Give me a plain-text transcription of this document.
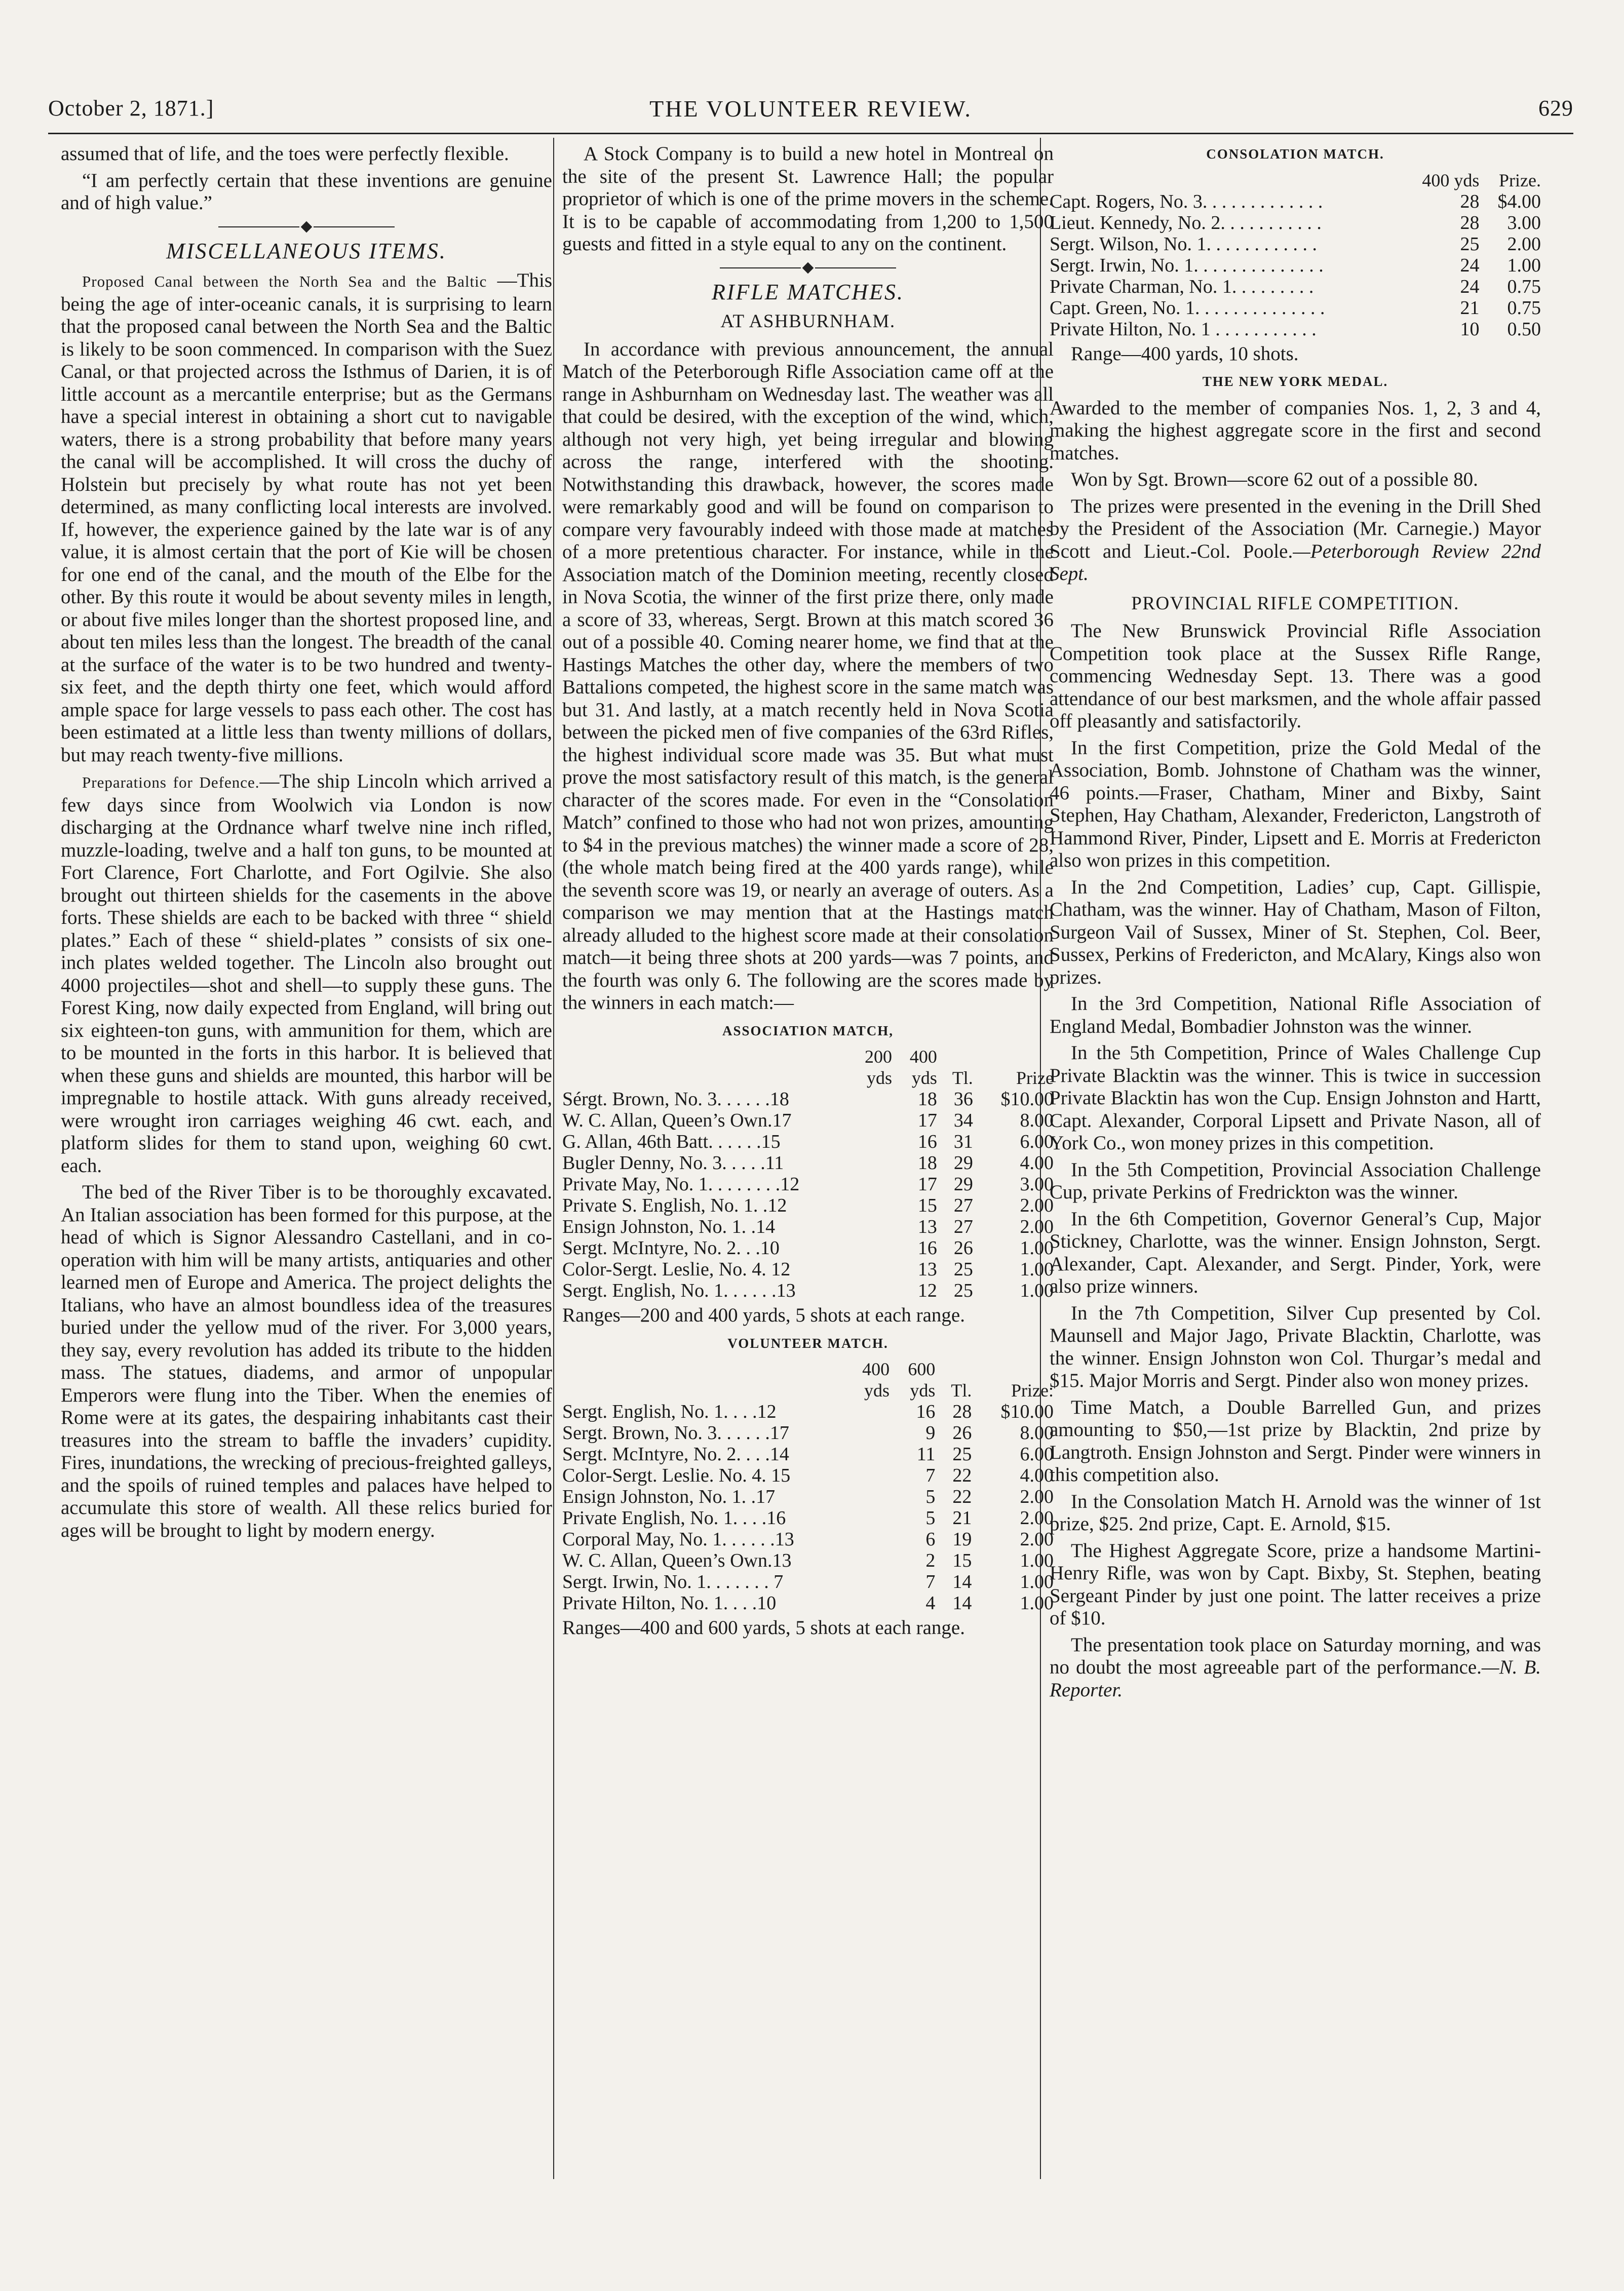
October 2, 1871.]	THE VOLUNTEER REVIEW.	629

assumed that of life, and the toes were perfectly flexible.

“I am perfectly certain that these inventions are genuine and of high value.”

MISCELLANEOUS ITEMS.

Proposed Canal between the North Sea and the Baltic —This being the age of inter-oceanic canals, it is surprising to learn that the proposed canal between the North Sea and the Baltic is likely to be soon commenced. In comparison with the Suez Canal, or that projected across the Isthmus of Darien, it is of little account as a mercantile enterprise; but as the Germans have a special interest in obtaining a short cut to navigable waters, there is a strong probability that before many years the canal will be accomplished. It will cross the duchy of Holstein but precisely by what route has not yet been determined, as many conflicting local interests are involved. If, however, the experience gained by the late war is of any value, it is almost certain that the port of Kie will be chosen for one end of the canal, and the mouth of the Elbe for the other. By this route it would be about seventy miles in length, or about five miles longer than the shortest proposed line, and about ten miles less than the longest. The breadth of the canal at the surface of the water is to be two hundred and twenty-six feet, and the depth thirty one feet, which would afford ample space for large vessels to pass each other. The cost has been estimated at a little less than twenty millions of dollars, but may reach twenty-five millions.

Preparations for Defence.—The ship Lincoln which arrived a few days since from Woolwich via London is now discharging at the Ordnance wharf twelve nine inch rifled, muzzle-loading, twelve and a half ton guns, to be mounted at Fort Clarence, Fort Charlotte, and Fort Ogilvie. She also brought out thirteen shields for the casements in the above forts. These shields are each to be backed with three “ shield plates.” Each of these “ shield-plates ” consists of six one-inch plates welded together. The Lincoln also brought out 4000 projectiles—shot and shell—to supply these guns. The Forest King, now daily expected from England, will bring out six eighteen-ton guns, with ammunition for them, which are to be mounted in the forts in this harbor. It is believed that when these guns and shields are mounted, this harbor will be impregnable to hostile attack. With guns already received, were wrought iron carriages weighing 46 cwt. each, and platform slides for them to stand upon, weighing 60 cwt. each.

The bed of the River Tiber is to be thoroughly excavated. An Italian association has been formed for this purpose, at the head of which is Signor Alessandro Castellani, and in co-operation with him will be many artists, antiquaries and other learned men of Europe and America. The project delights the Italians, who have an almost boundless idea of the treasures buried under the yellow mud of the river. For 3,000 years, they say, every revolution has added its tribute to the hidden mass. The statues, diadems, and armor of unpopular Emperors were flung into the Tiber. When the enemies of Rome were at its gates, the despairing inhabitants cast their treasures into the stream to baffle the invaders’ cupidity. Fires, inundations, the wrecking of precious-freighted galleys, and the spoils of ruined temples and palaces have helped to accumulate this store of wealth. All these relics buried for ages will be brought to light by modern energy.

A Stock Company is to build a new hotel in Montreal on the site of the present St. Lawrence Hall; the popular proprietor of which is one of the prime movers in the scheme. It is to be capable of accommodating from 1,200 to 1,500 guests and fitted in a style equal to any on the continent.

RIFLE MATCHES.
AT ASHBURNHAM.

In accordance with previous announcement, the annual Match of the Peterborough Rifle Association came off at the range in Ashburnham on Wednesday last. The weather was all that could be desired, with the exception of the wind, which, although not very high, yet being irregular and blowing across the range, interfered with the shooting. Notwithstanding this drawback, however, the scores made were remarkably good and will be found on comparison to compare very favourably indeed with those made at matches of a more pretentious character. For instance, while in the Association match of the Dominion meeting, recently closed in Nova Scotia, the winner of the first prize there, only made a score of 33, whereas, Sergt. Brown at this match scored 36 out of a possible 40. Coming nearer home, we find that at the Hastings Matches the other day, where the members of two Battalions competed, the highest score in the same match was but 31. And lastly, at a match recently held in Nova Scotia between the picked men of five companies of the 63rd Rifles, the highest individual score made was 35. But what must prove the most satisfactory result of this match, is the general character of the scores made. For even in the “Consolation Match” confined to those who had not won prizes, amounting to $4 in the previous matches) the winner made a score of 28, (the whole match being fired at the 400 yards range), while the seventh score was 19, or nearly an average of outers. As a comparison we may mention that at the Hastings match already alluded to the highest score made at their consolation match—it being three shots at 200 yards—was 7 points, and the fourth was only 6. The following are the scores made by the winners in each match:—

ASSOCIATION MATCH,
	200	400		
	yds	yds	Tl.	Prize
Sérgt. Brown, No. 3. . . . . .18	18	36	$10.00
W. C. Allan, Queen’s Own.17	17	34	8.00
G. Allan, 46th Batt. . . . . .15	16	31	6.00
Bugler Denny, No. 3. . . . .11	18	29	4.00
Private May, No. 1. . . . . . . .12	17	29	3.00
Private S. English, No. 1. .12	15	27	2.00
Ensign Johnston, No. 1. .14	13	27	2.00
Sergt. McIntyre, No. 2. . .10	16	26	1.00
Color-Sergt. Leslie, No. 4. 12	13	25	1.00
Sergt. English, No. 1. . . . . .13	12	25	1.00

Ranges—200 and 400 yards, 5 shots at each range.

VOLUNTEER MATCH.
	400	600		
	yds	yds	Tl.	Prize:
Sergt. English, No. 1. . . .12	16	28	$10.00
Sergt. Brown, No. 3. . . . . .17	9	26	8.00
Sergt. McIntyre, No. 2. . . .14	11	25	6.00
Color-Sergt. Leslie. No. 4. 15	7	22	4.00
Ensign Johnston, No. 1. .17	5	22	2.00
Private English, No. 1. . . .16	5	21	2.00
Corporal May, No. 1. . . . . .13	6	19	2.00
W. C. Allan, Queen’s Own.13	2	15	1.00
Sergt. Irwin, No. 1. . . . . . . 7	7	14	1.00
Private Hilton, No. 1. . . .10	4	14	1.00

Ranges—400 and 600 yards, 5 shots at each range.

CONSOLATION MATCH.
	400 yds	Prize.
Capt. Rogers, No. 3. . . . . . . . . . . . .	28	$4.00
Lieut. Kennedy, No. 2. . . . . . . . . . .	28	3.00
Sergt. Wilson, No. 1. . . . . . . . . . . .	25	2.00
Sergt. Irwin, No. 1. . . . . . . . . . . . . .	24	1.00
Private Charman, No. 1. . . . . . . . .	24	0.75
Capt. Green, No. 1. . . . . . . . . . . . . .	21	0.75
Private Hilton, No. 1 . . . . . . . . . . .	10	0.50

Range—400 yards, 10 shots.

THE NEW YORK MEDAL.

Awarded to the member of companies Nos. 1, 2, 3 and 4, making the highest aggregate score in the first and second matches.

Won by Sgt. Brown—score 62 out of a possible 80.

The prizes were presented in the evening in the Drill Shed by the President of the Association (Mr. Carnegie.) Mayor Scott and Lieut.-Col. Poole.—Peterborough Review 22nd Sept.

PROVINCIAL RIFLE COMPETITION.

The New Brunswick Provincial Rifle Association Competition took place at the Sussex Rifle Range, commencing Wednesday Sept. 13. There was a good attendance of our best marksmen, and the whole affair passed off pleasantly and satisfactorily.

In the first Competition, prize the Gold Medal of the Association, Bomb. Johnstone of Chatham was the winner, 46 points.—Fraser, Chatham, Miner and Bixby, Saint Stephen, Hay Chatham, Alexander, Fredericton, Langstroth of Hammond River, Pinder, Lipsett and E. Morris at Fredericton also won prizes in this competition.

In the 2nd Competition, Ladies’ cup, Capt. Gillispie, Chatham, was the winner. Hay of Chatham, Mason of Filton, Surgeon Vail of Sussex, Miner of St. Stephen, Col. Beer, Sussex, Perkins of Fredericton, and McAlary, Kings also won prizes.

In the 3rd Competition, National Rifle Association of England Medal, Bombadier Johnston was the winner.

In the 5th Competition, Prince of Wales Challenge Cup Private Blacktin was the winner. This is twice in succession Private Blacktin has won the Cup. Ensign Johnston and Hartt, Capt. Alexander, Corporal Lipsett and Private Nason, all of York Co., won money prizes in this competition.

In the 5th Competition, Provincial Association Challenge Cup, private Perkins of Fredrickton was the winner.

In the 6th Competition, Governor General’s Cup, Major Stickney, Charlotte, was the winner. Ensign Johnston, Sergt. Alexander, Capt. Alexander, and Sergt. Pinder, York, were also prize winners.

In the 7th Competition, Silver Cup presented by Col. Maunsell and Major Jago, Private Blacktin, Charlotte, was the winner. Ensign Johnston won Col. Thurgar’s medal and $15. Major Morris and Sergt. Pinder also won money prizes.

Time Match, a Double Barrelled Gun, and prizes amounting to $50,—1st prize by Blacktin, 2nd prize by Langtroth. Ensign Johnston and Sergt. Pinder were winners in this competition also.

In the Consolation Match H. Arnold was the winner of 1st prize, $25. 2nd prize, Capt. E. Arnold, $15.

The Highest Aggregate Score, prize a handsome Martini-Henry Rifle, was won by Capt. Bixby, St. Stephen, beating Sergeant Pinder by just one point. The latter receives a prize of $10.

The presentation took place on Saturday morning, and was no doubt the most agreeable part of the performance.—N. B. Reporter.
